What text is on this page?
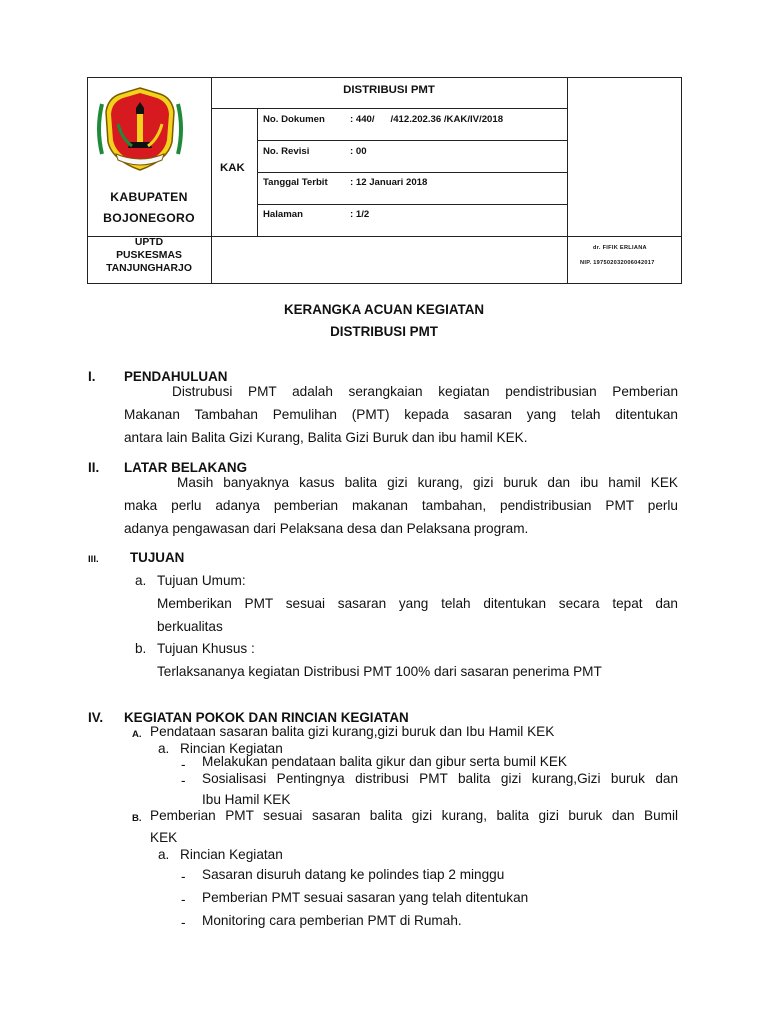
KABUPATEN
BOJONEGORO
DISTRIBUSI PMT
KAK
No. Dokumen	: 440/      /412.202.36 /KAK/IV/2018
No. Revisi	: 00
Tanggal Terbit : 12 Januari 2018
Halaman	: 1/2
UPTD
PUSKESMAS
TANJUNGHARJO
dr. FIFIK ERLIANA
NIP. 197502032006042017
KERANGKA ACUAN KEGIATAN
DISTRIBUSI PMT
I. PENDAHULUAN
Distrubusi PMT adalah serangkaian kegiatan pendistribusian Pemberian
Makanan Tambahan Pemulihan (PMT) kepada sasaran yang telah ditentukan
antara lain Balita Gizi Kurang, Balita Gizi Buruk dan ibu hamil KEK.
II. LATAR BELAKANG
Masih banyaknya kasus balita gizi kurang, gizi buruk dan ibu hamil KEK
maka perlu adanya pemberian makanan tambahan, pendistribusian PMT perlu
adanya pengawasan dari Pelaksana desa dan Pelaksana program.
III. TUJUAN
a. Tujuan Umum:
Memberikan PMT sesuai sasaran yang telah ditentukan secara tepat dan
berkualitas
b. Tujuan Khusus :
Terlaksananya kegiatan Distribusi PMT 100% dari sasaran penerima PMT
IV. KEGIATAN POKOK DAN RINCIAN KEGIATAN
A. Pendataan sasaran balita gizi kurang,gizi buruk dan Ibu Hamil KEK
a. Rincian Kegiatan
- Melakukan pendataan balita gikur dan gibur serta bumil KEK
- Sosialisasi Pentingnya distribusi PMT balita gizi kurang,Gizi buruk dan
Ibu Hamil KEK
B. Pemberian PMT sesuai sasaran balita gizi kurang, balita gizi buruk dan Bumil
KEK
a. Rincian Kegiatan
- Sasaran disuruh datang ke polindes tiap 2 minggu
- Pemberian PMT sesuai sasaran yang telah ditentukan
- Monitoring cara pemberian PMT di Rumah.
